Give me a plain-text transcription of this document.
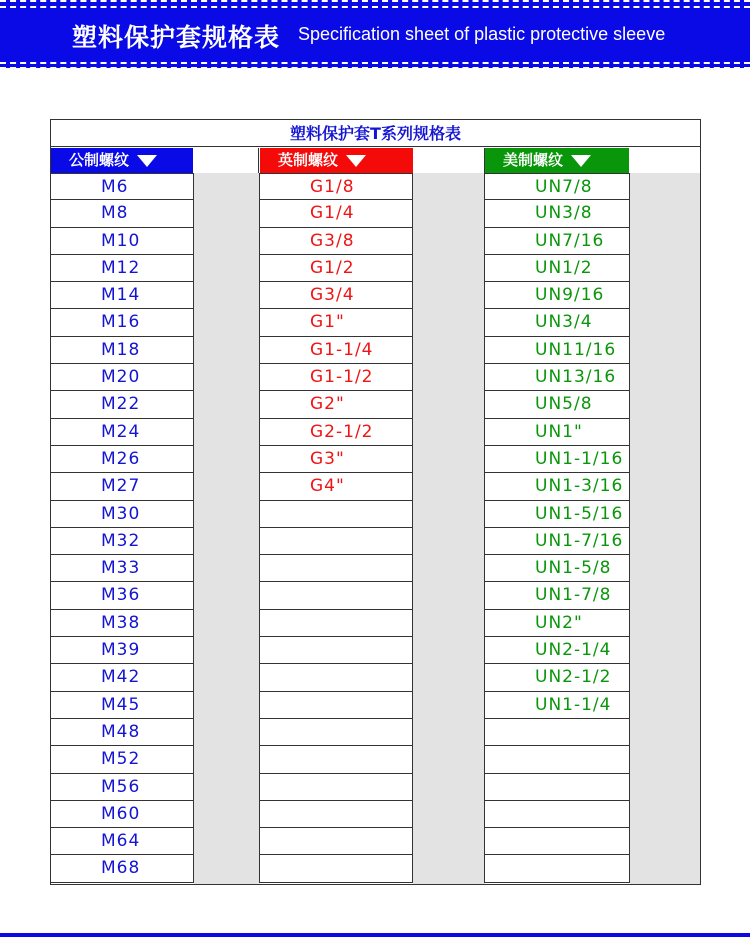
塑料保护套规格表 Specification sheet of plastic protective sleeve
塑料保护套T系列规格表
公制螺纹
M6
M8
M10
M12
M14
M16
M18
M20
M22
M24
M26
M27
M30
M32
M33
M36
M38
M39
M42
M45
M48
M52
M56
M60
M64
M68
英制螺纹
G1/8
G1/4
G3/8
G1/2
G3/4
G1"
G1-1/4
G1-1/2
G2"
G2-1/2
G3"
G4"
美制螺纹
UN7/8
UN3/8
UN7/16
UN1/2
UN9/16
UN3/4
UN11/16
UN13/16
UN5/8
UN1"
UN1-1/16
UN1-3/16
UN1-5/16
UN1-7/16
UN1-5/8
UN1-7/8
UN2"
UN2-1/4
UN2-1/2
UN1-1/4
